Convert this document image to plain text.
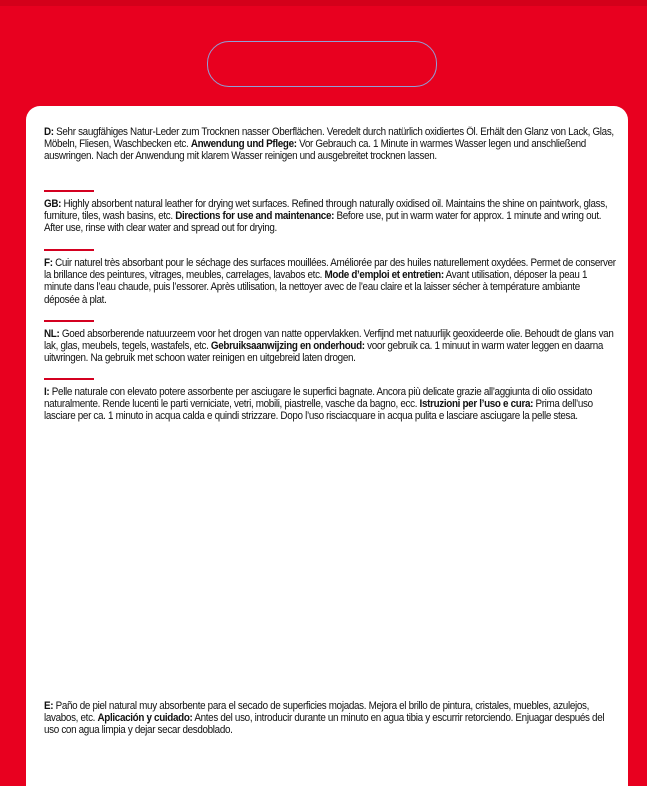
D: Sehr saugfähiges Natur-Leder zum Trocknen nasser Oberflächen. Veredelt durch natürlich oxidiertes Öl. Erhält den Glanz von Lack, Glas, Möbeln, Fliesen, Waschbecken etc. Anwendung und Pflege: Vor Gebrauch ca. 1 Minute in warmes Wasser legen und anschließend auswringen. Nach der Anwendung mit klarem Wasser reinigen und ausgebreitet trocknen lassen.
GB: Highly absorbent natural leather for drying wet surfaces. Refined through naturally oxidised oil. Maintains the shine on paintwork, glass, furniture, tiles, wash basins, etc. Directions for use and maintenance: Before use, put in warm water for approx. 1 minute and wring out. After use, rinse with clear water and spread out for drying.
F: Cuir naturel très absorbant pour le séchage des surfaces mouillées. Améliorée par des huiles naturellement oxydées. Permet de conserver la brillance des peintures, vitrages, meubles, carrelages, lavabos etc. Mode d’emploi et entretien: Avant utilisation, déposer la peau 1 minute dans l’eau chaude, puis l’essorer. Après utilisation, la nettoyer avec de l’eau claire et la laisser sécher à température ambiante déposée à plat.
NL: Goed absorberende natuurzeem voor het drogen van natte oppervlakken. Verfijnd met natuurlijk geoxideerde olie. Behoudt de glans van lak, glas, meubels, tegels, wastafels, etc. Gebruiksaanwijzing en onderhoud: voor gebruik ca. 1 minuut in warm water leggen en daarna uitwringen. Na gebruik met schoon water reinigen en uitgebreid laten drogen.
I: Pelle naturale con elevato potere assorbente per asciugare le superfici bagnate. Ancora più delicate grazie all’aggiunta di olio ossidato naturalmente. Rende lucenti le parti verniciate, vetri, mobili, piastrelle, vasche da bagno, ecc. Istruzioni per l’uso e cura: Prima dell’uso lasciare per ca. 1 minuto in acqua calda e quindi strizzare. Dopo l’uso risciacquare in acqua pulita e lasciare asciugare la pelle stesa.
E: Paño de piel natural muy absorbente para el secado de superficies mojadas. Mejora el brillo de pintura, cristales, muebles, azulejos, lavabos, etc. Aplicación y cuidado: Antes del uso, introducir durante un minuto en agua tibia y escurrir retorciendo. Enjuagar después del uso con agua limpia y dejar secar desdoblado.
